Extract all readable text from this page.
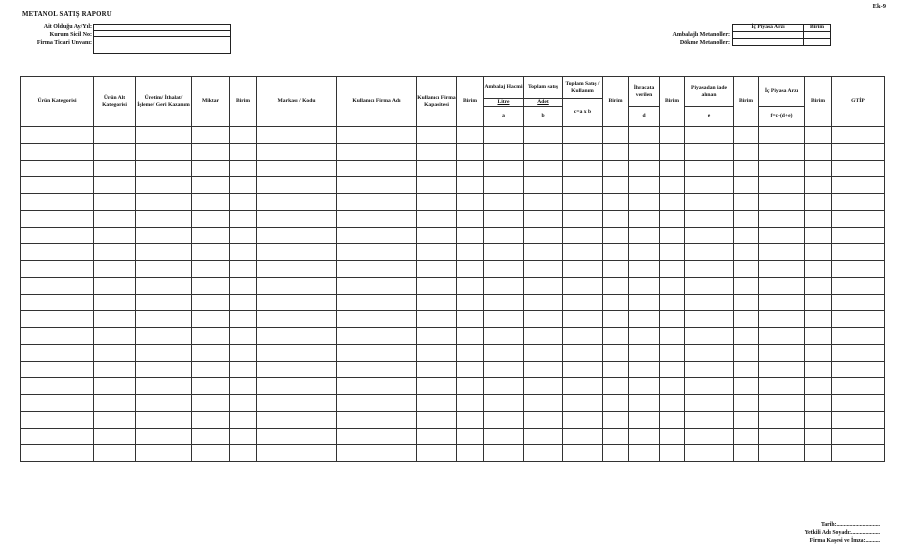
Ek-9
METANOL SATIŞ RAPORU
Ait Olduğu Ay/Yıl:
Kurum Sicil No:
Firma Ticari Unvanı:
Ambalajlı Metanoller:
Dökme Metanoller:
İç Piyasa Arzı	Birim

Ürün Kategorisi	Ürün Alt Kategorisi	Üretim/ İthalat/ İşleme/ Geri Kazanım	Miktar	Birim	Markası / Kodu	Kullanıcı Firma Adı	Kullanıcı Firma Kapasitesi	Birim	Ambalaj Hacmi	Toplam satış	Toplam Satış / Kullanım	Birim	İhracata verilen	Birim	Piyasadan iade alınan	Birim	İç Piyasa Arzı	Birim	GTİP
									Litre	Adet	c=a x b								
									a	b			d		e		f=c-(d+e)		

Tarih:..............................
Yetkili Adı Soyadı:....................
Firma Kaşesi ve İmza:..........
